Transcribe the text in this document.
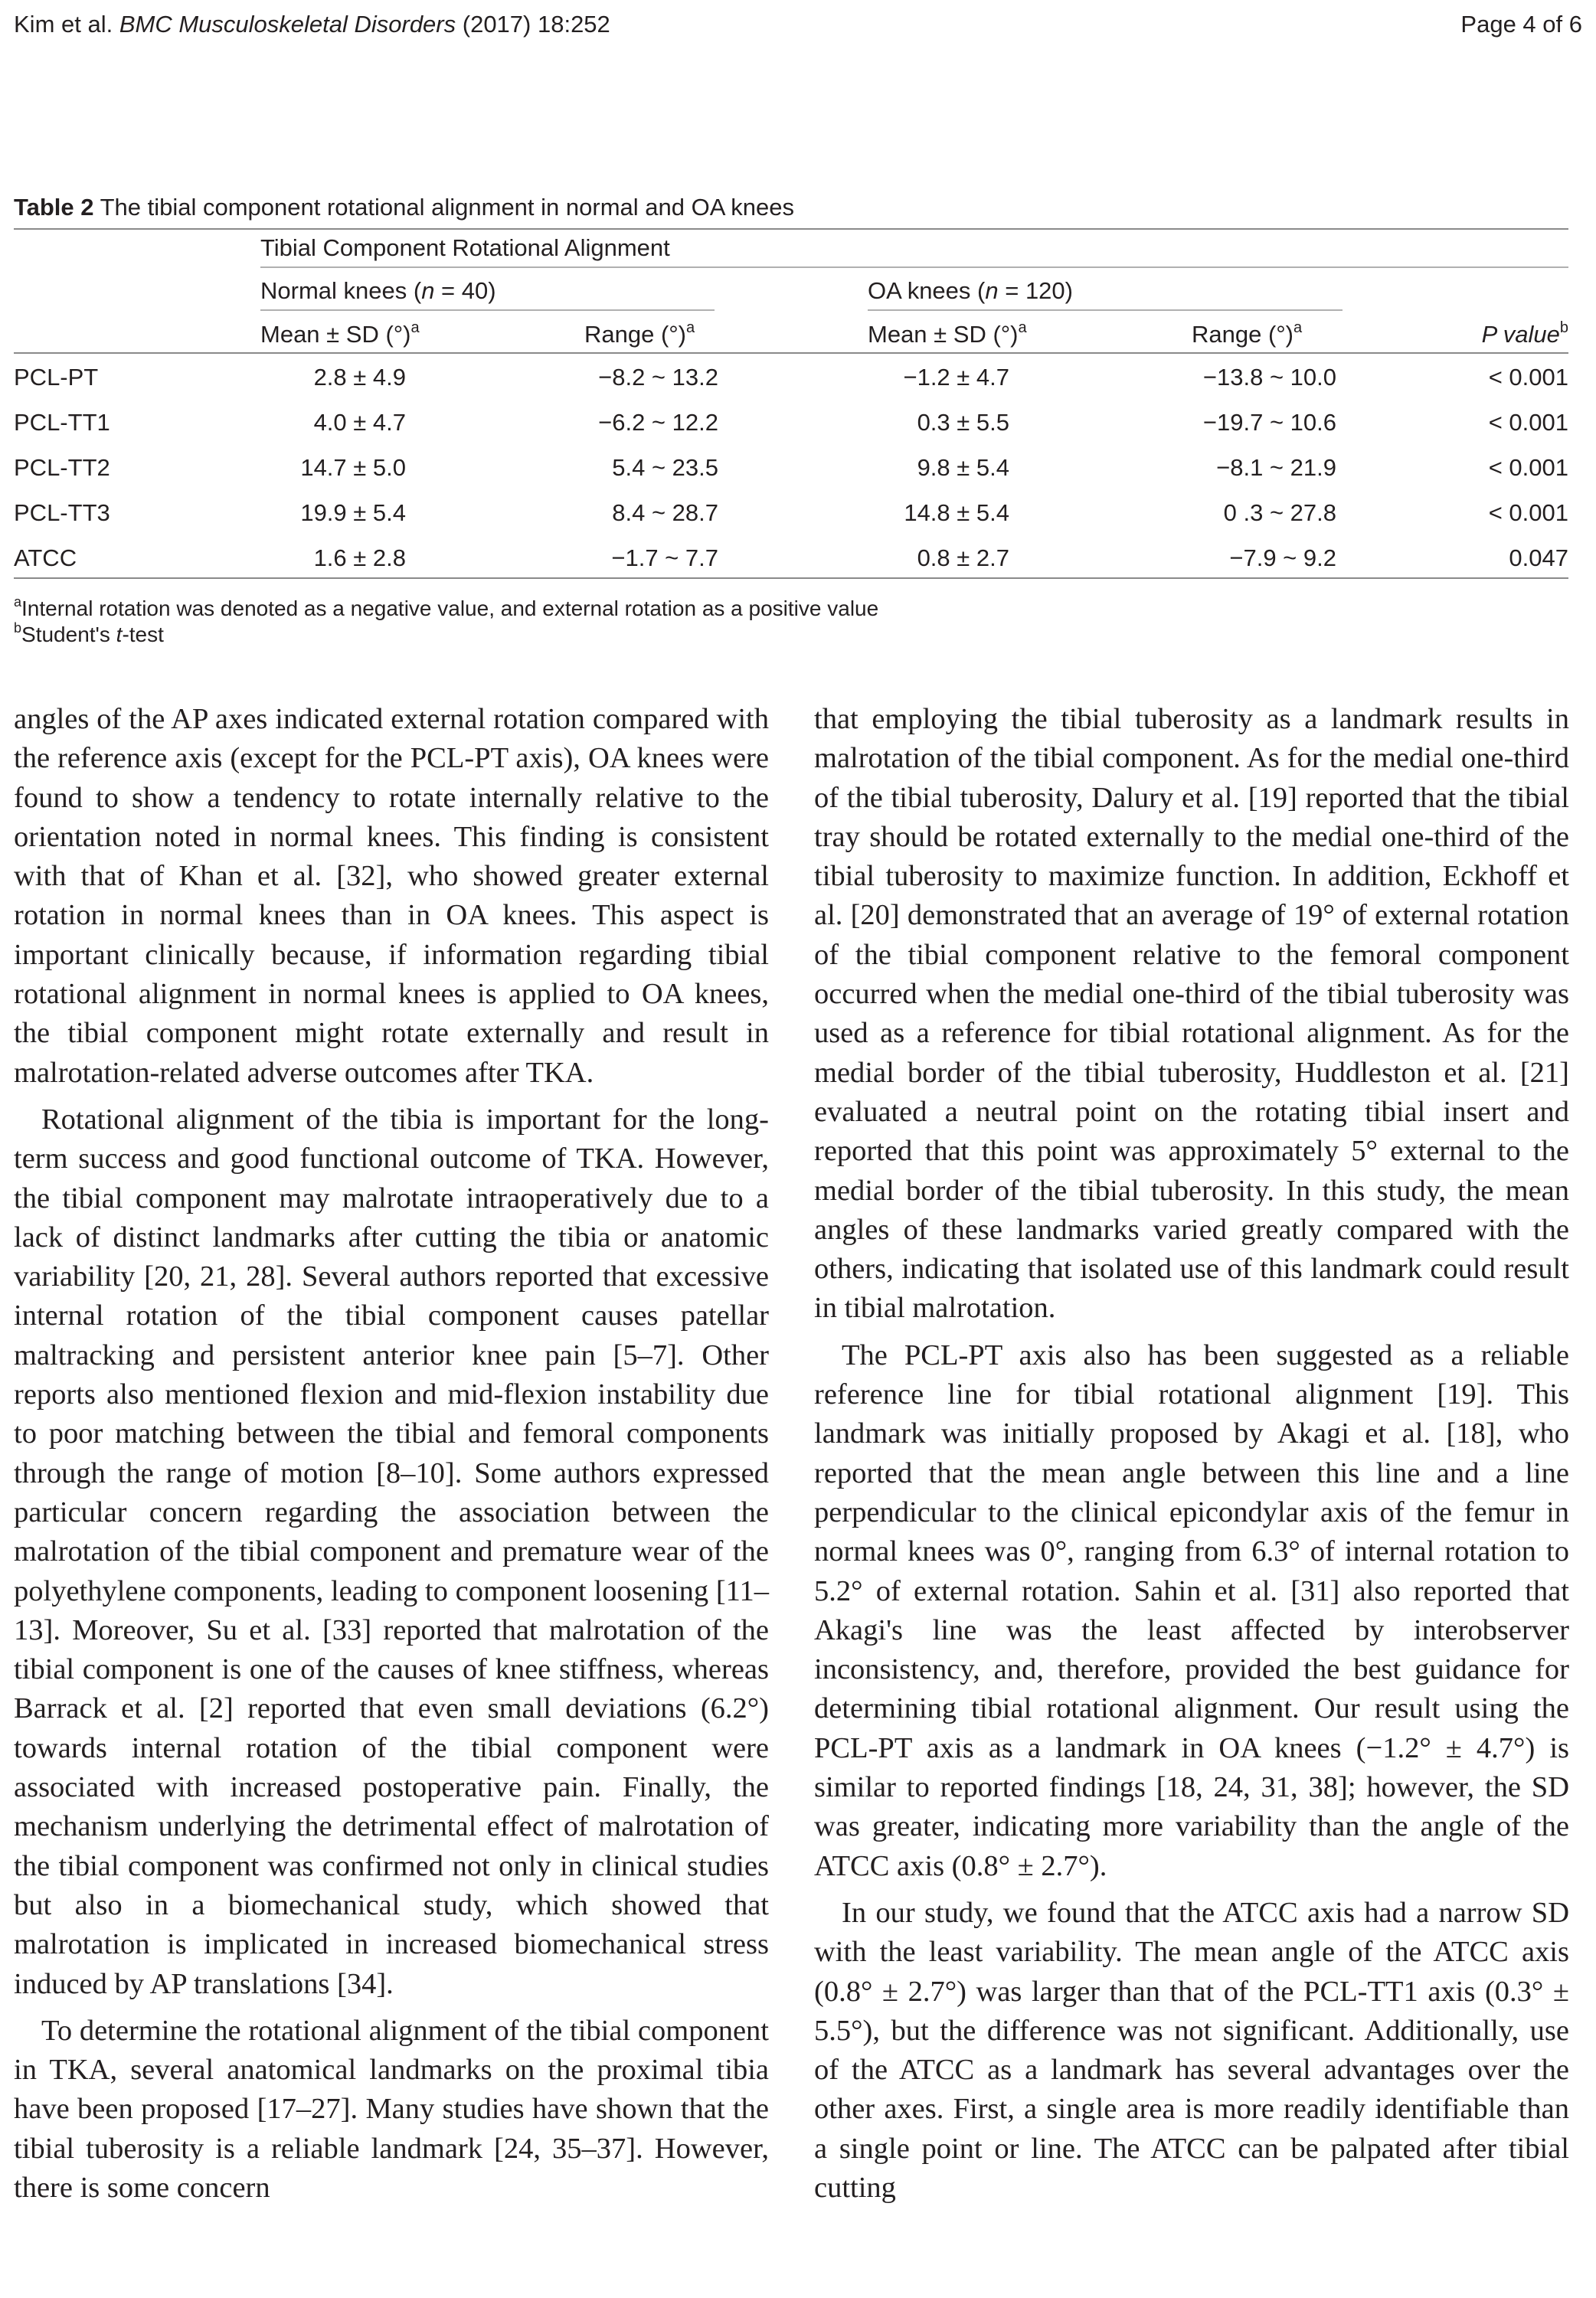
Kim et al. BMC Musculoskeletal Disorders (2017) 18:252	Page 4 of 6
Table 2 The tibial component rotational alignment in normal and OA knees
Tibial Component Rotational Alignment
Normal knees (n = 40)	OA knees (n = 120)
Mean ± SD (°)$^a$	Range (°)$^a$	Mean ± SD (°)$^a$	Range (°)$^a$	P value$^b$
PCL-PT	2.8 ± 4.9	−8.2 ~ 13.2	−1.2 ± 4.7	−13.8 ~ 10.0	< 0.001
PCL-TT1	4.0 ± 4.7	−6.2 ~ 12.2	0.3 ± 5.5	−19.7 ~ 10.6	< 0.001
PCL-TT2	14.7 ± 5.0	5.4 ~ 23.5	9.8 ± 5.4	−8.1 ~ 21.9	< 0.001
PCL-TT3	19.9 ± 5.4	8.4 ~ 28.7	14.8 ± 5.4	0 .3 ~ 27.8	< 0.001
ATCC	1.6 ± 2.8	−1.7 ~ 7.7	0.8 ± 2.7	−7.9 ~ 9.2	0.047
$^a$Internal rotation was denoted as a negative value, and external rotation as a positive value
$^b$Student's t-test

angles of the AP axes indicated external rotation compared with the reference axis (except for the PCL-PT axis), OA knees were found to show a tendency to rotate internally relative to the orientation noted in normal knees. This finding is consistent with that of Khan et al. [32], who showed greater external rotation in normal knees than in OA knees. This aspect is important clinically because, if information regarding tibial rotational alignment in normal knees is applied to OA knees, the tibial component might rotate externally and result in malrotation-related adverse outcomes after TKA.

Rotational alignment of the tibia is important for the long-term success and good functional outcome of TKA. However, the tibial component may malrotate intraoperatively due to a lack of distinct landmarks after cutting the tibia or anatomic variability [20, 21, 28]. Several authors reported that excessive internal rotation of the tibial component causes patellar maltracking and persistent anterior knee pain [5–7]. Other reports also mentioned flexion and mid-flexion instability due to poor matching between the tibial and femoral components through the range of motion [8–10]. Some authors expressed particular concern regarding the association between the malrotation of the tibial component and premature wear of the polyethylene components, leading to component loosening [11–13]. Moreover, Su et al. [33] reported that malrotation of the tibial component is one of the causes of knee stiffness, whereas Barrack et al. [2] reported that even small deviations (6.2°) towards internal rotation of the tibial component were associated with increased postoperative pain. Finally, the mechanism underlying the detrimental effect of malrotation of the tibial component was confirmed not only in clinical studies but also in a biomechanical study, which showed that malrotation is implicated in increased biomechanical stress induced by AP translations [34].

To determine the rotational alignment of the tibial component in TKA, several anatomical landmarks on the proximal tibia have been proposed [17–27]. Many studies have shown that the tibial tuberosity is a reliable landmark [24, 35–37]. However, there is some concern

that employing the tibial tuberosity as a landmark results in malrotation of the tibial component. As for the medial one-third of the tibial tuberosity, Dalury et al. [19] reported that the tibial tray should be rotated externally to the medial one-third of the tibial tuberosity to maximize function. In addition, Eckhoff et al. [20] demonstrated that an average of 19° of external rotation of the tibial component relative to the femoral component occurred when the medial one-third of the tibial tuberosity was used as a reference for tibial rotational alignment. As for the medial border of the tibial tuberosity, Huddleston et al. [21] evaluated a neutral point on the rotating tibial insert and reported that this point was approximately 5° external to the medial border of the tibial tuberosity. In this study, the mean angles of these landmarks varied greatly compared with the others, indicating that isolated use of this landmark could result in tibial malrotation.

The PCL-PT axis also has been suggested as a reliable reference line for tibial rotational alignment [19]. This landmark was initially proposed by Akagi et al. [18], who reported that the mean angle between this line and a line perpendicular to the clinical epicondylar axis of the femur in normal knees was 0°, ranging from 6.3° of internal rotation to 5.2° of external rotation. Sahin et al. [31] also reported that Akagi's line was the least affected by interobserver inconsistency, and, therefore, provided the best guidance for determining tibial rotational alignment. Our result using the PCL-PT axis as a landmark in OA knees (−1.2° ± 4.7°) is similar to reported findings [18, 24, 31, 38]; however, the SD was greater, indicating more variability than the angle of the ATCC axis (0.8° ± 2.7°).

In our study, we found that the ATCC axis had a narrow SD with the least variability. The mean angle of the ATCC axis (0.8° ± 2.7°) was larger than that of the PCL-TT1 axis (0.3° ± 5.5°), but the difference was not significant. Additionally, use of the ATCC as a landmark has several advantages over the other axes. First, a single area is more readily identifiable than a single point or line. The ATCC can be palpated after tibial cutting
